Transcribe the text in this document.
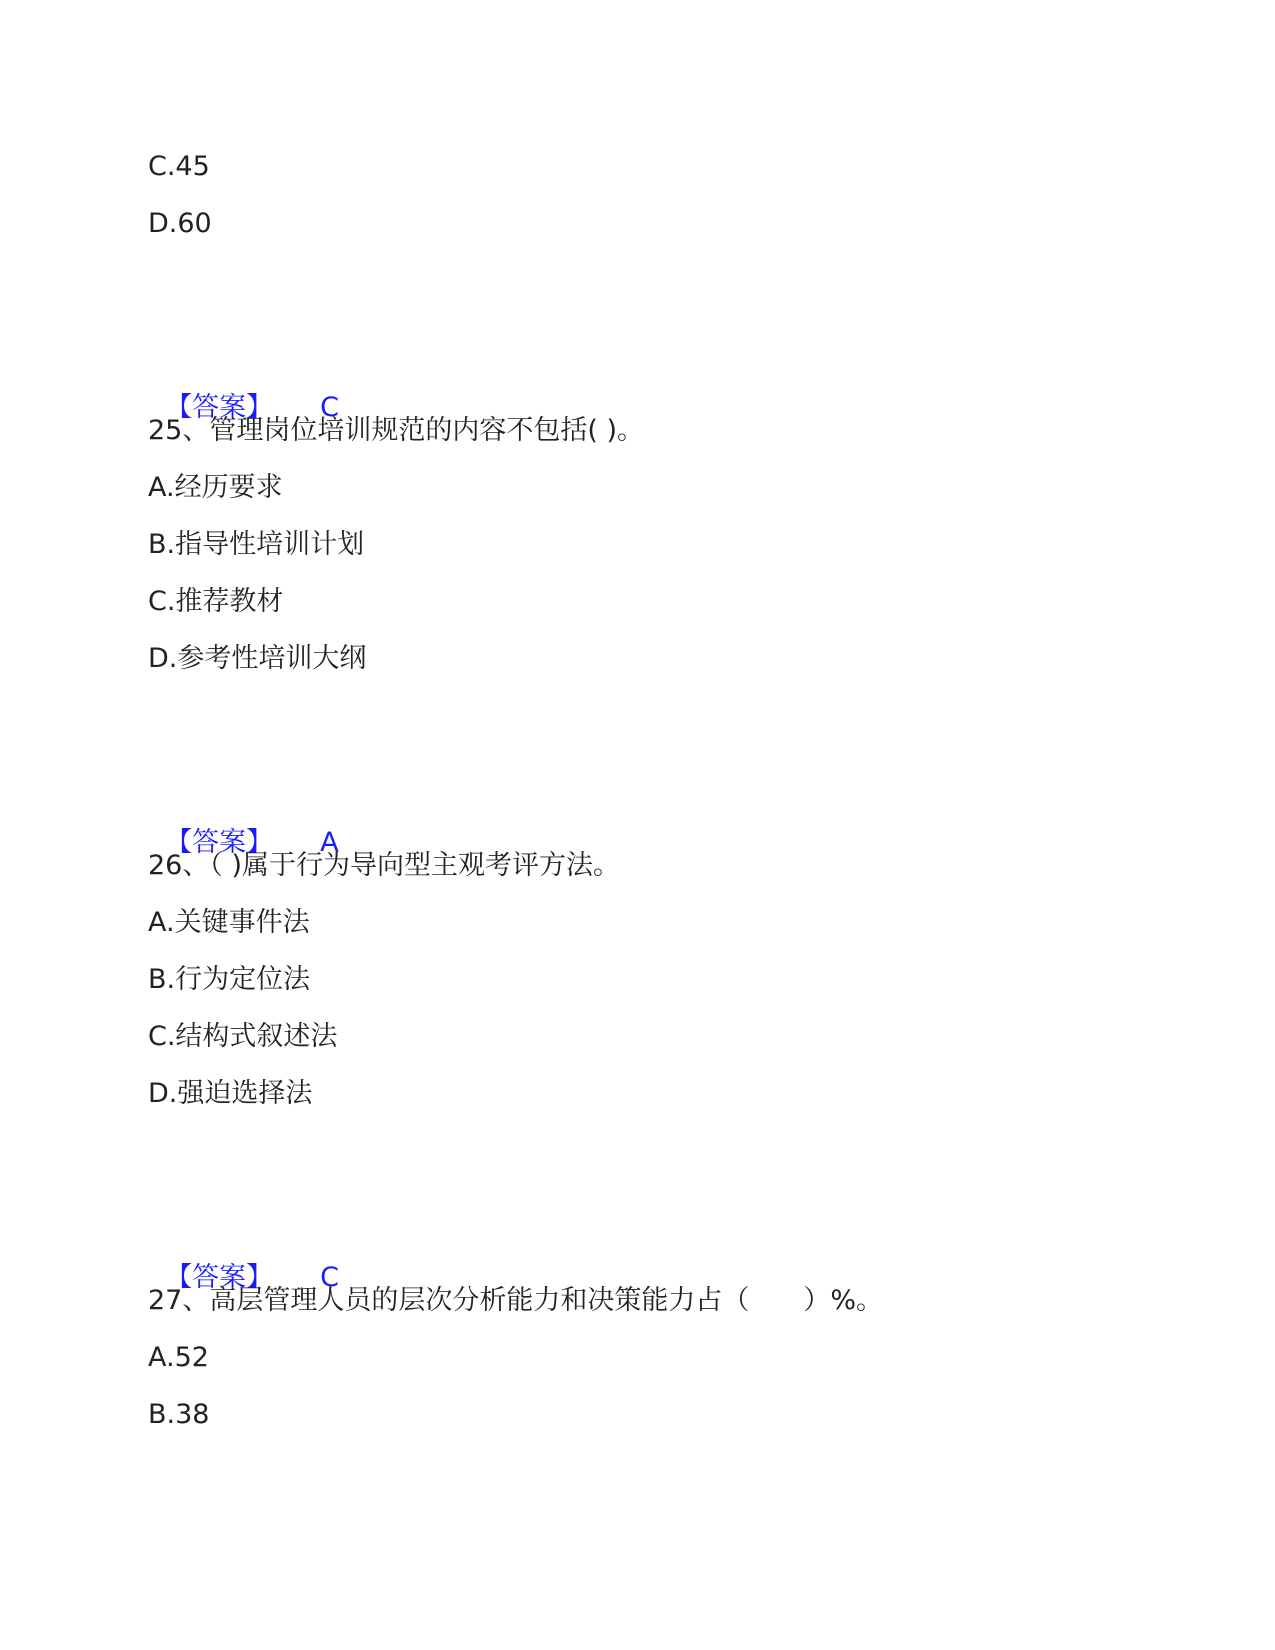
C.45
D.60

【答案】 C

25、管理岗位培训规范的内容不包括( )。
A.经历要求
B.指导性培训计划
C.推荐教材
D.参考性培训大纲

【答案】 A

26、（ )属于行为导向型主观考评方法。
A.关键事件法
B.行为定位法
C.结构式叙述法
D.强迫选择法

【答案】 C

27、高层管理人员的层次分析能力和决策能力占（　　）%。
A.52
B.38
